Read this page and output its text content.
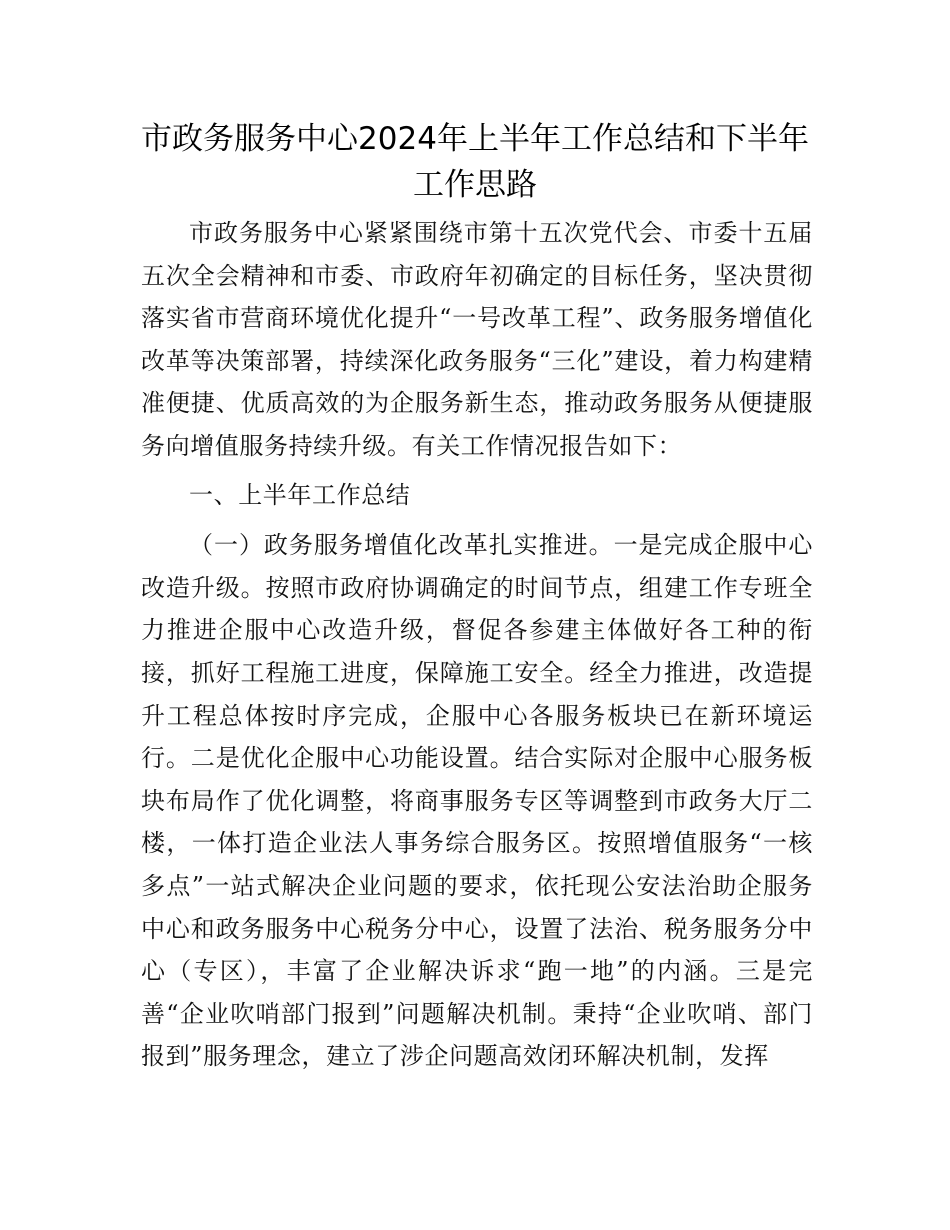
市政务服务中心2024年上半年工作总结和下半年工作思路

市政务服务中心紧紧围绕市第十五次党代会、市委十五届五次全会精神和市委、市政府年初确定的目标任务，坚决贯彻落实省市营商环境优化提升“一号改革工程”、政务服务增值化改革等决策部署，持续深化政务服务“三化”建设，着力构建精准便捷、优质高效的为企服务新生态，推动政务服务从便捷服务向增值服务持续升级。有关工作情况报告如下：

一、上半年工作总结

（一）政务服务增值化改革扎实推进。一是完成企服中心改造升级。按照市政府协调确定的时间节点，组建工作专班全力推进企服中心改造升级，督促各参建主体做好各工种的衔接，抓好工程施工进度，保障施工安全。经全力推进，改造提升工程总体按时序完成，企服中心各服务板块已在新环境运行。二是优化企服中心功能设置。结合实际对企服中心服务板块布局作了优化调整，将商事服务专区等调整到市政务大厅二楼，一体打造企业法人事务综合服务区。按照增值服务“一核多点”一站式解决企业问题的要求，依托现公安法治助企服务中心和政务服务中心税务分中心，设置了法治、税务服务分中心（专区），丰富了企业解决诉求“跑一地”的内涵。三是完善“企业吹哨部门报到”问题解决机制。秉持“企业吹哨、部门报到”服务理念，建立了涉企问题高效闭环解决机制，发挥
